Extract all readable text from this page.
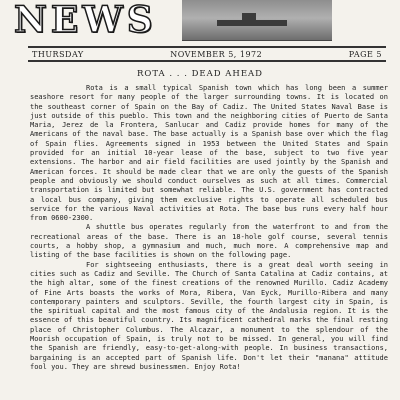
NEWS
THURSDAY	NOVEMBER 5, 1972	PAGE 5
ROTA . . . DEAD AHEAD

Rota is a small typical Spanish town which has long been a summer seashore resort for many people of the larger surrounding towns. It is located on the southeast corner of Spain on the Bay of Cadiz. The United States Naval Base is just outside of this pueblo. This town and the neighboring cities of Puerto de Santa Maria, Jerez de la Frontera, Sanlucar and Cadiz provide homes for many of the Americans of the naval base. The base actually is a Spanish base over which the flag of Spain flies. Agreements signed in 1953 between the United States and Spain provided for an initial 10-year lease of the base, subject to two five year extensions. The harbor and air field facilities are used jointly by the Spanish and American forces. It should be made clear that we are only the guests of the Spanish people and obviously we should conduct ourselves as such at all times. Commercial transportation is limited but somewhat reliable. The U.S. government has contracted a local bus company, giving them exclusive rights to operate all scheduled bus service for the various Naval activities at Rota. The base bus runs every half hour from 0600-2300.

A shuttle bus operates regularly from the waterfront to and from the recreational areas of the base. There is an 18-hole golf course, several tennis courts, a hobby shop, a gymnasium and much, much more. A comprehensive map and listing of the base facilities is shown on the following page.

For sightseeing enthusiasts, there is a great deal worth seeing in cities such as Cadiz and Seville. The Church of Santa Catalina at Cadiz contains, at the high altar, some of the finest creations of the renowned Murillo. Cadiz Academy of Fine Arts boasts the works of Mora, Ribera, Van Eyck, Murillo-Ribera and many contemporary painters and sculptors. Seville, the fourth largest city in Spain, is the spiritual capital and the most famous city of the Andalusia region. It is the essence of this beautiful country. Its magnificent cathedral marks the final resting place of Christopher Columbus. The Alcazar, a monument to the splendour of the Moorish occupation of Spain, is truly not to be missed. In general, you will find the Spanish are friendly, easy-to-get-along-with people. In business transactions, bargaining is an accepted part of Spanish life. Don't let their "manana" attitude fool you. They are shrewd businessmen. Enjoy Rota!
